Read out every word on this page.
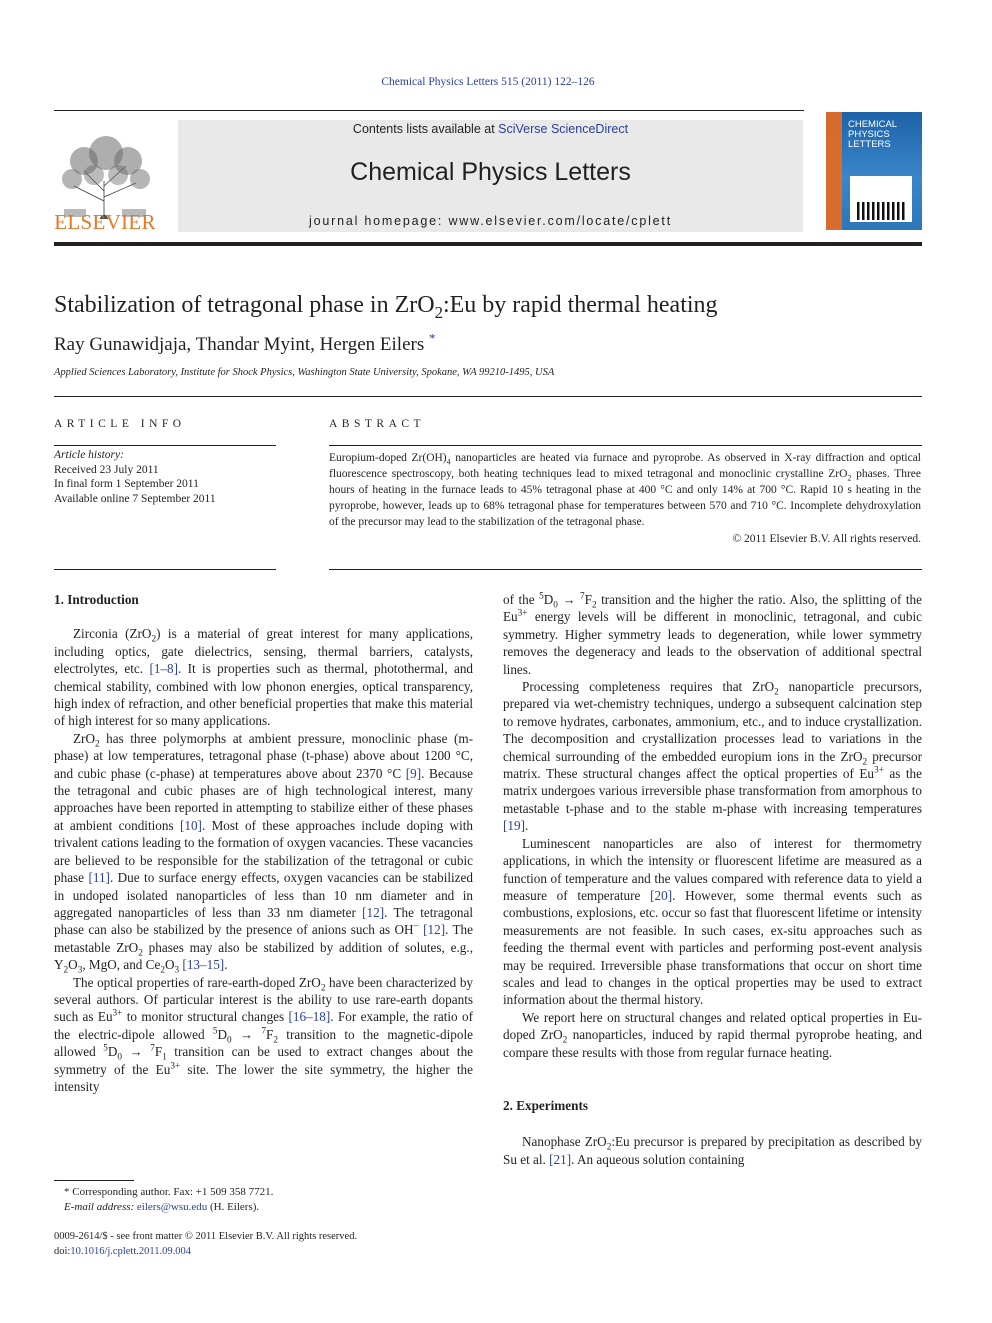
Chemical Physics Letters 515 (2011) 122–126
ELSEVIER
Contents lists available at SciVerse ScienceDirect
Chemical Physics Letters
journal homepage: www.elsevier.com/locate/cplett
CHEMICAL
PHYSICS
LETTERS
Stabilization of tetragonal phase in ZrO$_2$:Eu by rapid thermal heating
Ray Gunawidjaja, Thandar Myint, Hergen Eilers *
Applied Sciences Laboratory, Institute for Shock Physics, Washington State University, Spokane, WA 99210-1495, USA
ARTICLE INFO
Article history:
Received 23 July 2011
In final form 1 September 2011
Available online 7 September 2011
ABSTRACT
Europium-doped $Zr(OH)_4$ nanoparticles are heated via furnace and pyroprobe. As observed in X-ray diffraction and optical fluorescence spectroscopy, both heating techniques lead to mixed tetragonal and monoclinic crystalline ZrO$_2$ phases. Three hours of heating in the furnace leads to 45% tetragonal phase at 400 °C and only 14% at 700 °C. Rapid 10 s heating in the pyroprobe, however, leads up to 68% tetragonal phase for temperatures between 570 and 710 °C. Incomplete dehydroxylation of the precursor may lead to the stabilization of the tetragonal phase.
© 2011 Elsevier B.V. All rights reserved.
1. Introduction

Zirconia (ZrO$_2$) is a material of great interest for many applications, including optics, gate dielectrics, sensing, thermal barriers, catalysts, electrolytes, etc. [1–8]. It is properties such as thermal, photothermal, and chemical stability, combined with low phonon energies, optical transparency, high index of refraction, and other beneficial properties that make this material of high interest for so many applications.

ZrO$_2$ has three polymorphs at ambient pressure, monoclinic phase (m-phase) at low temperatures, tetragonal phase (t-phase) above about 1200 °C, and cubic phase (c-phase) at temperatures above about 2370 °C [9]. Because the tetragonal and cubic phases are of high technological interest, many approaches have been reported in attempting to stabilize either of these phases at ambient conditions [10]. Most of these approaches include doping with trivalent cations leading to the formation of oxygen vacancies. These vacancies are believed to be responsible for the stabilization of the tetragonal or cubic phase [11]. Due to surface energy effects, oxygen vacancies can be stabilized in undoped isolated nanoparticles of less than 10 nm diameter and in aggregated nanoparticles of less than 33 nm diameter [12]. The tetragonal phase can also be stabilized by the presence of anions such as OH− [12]. The metastable ZrO$_2$ phases may also be stabilized by addition of solutes, e.g., $Y_2O_3$, MgO, and $Ce_2O_3$ [13–15].

The optical properties of rare-earth-doped ZrO$_2$ have been characterized by several authors. Of particular interest is the ability to use rare-earth dopants such as $Eu^{3+}$ to monitor structural changes [16–18]. For example, the ratio of the electric-dipole allowed $^5D_0 \to ^7F_2$ transition to the magnetic-dipole allowed $^5D_0 \to ^7F_1$ transition can be used to extract changes about the symmetry of the $Eu^{3+}$ site. The lower the site symmetry, the higher the intensity

of the $^5D_0 \to ^7F_2$ transition and the higher the ratio. Also, the splitting of the $Eu^{3+}$ energy levels will be different in monoclinic, tetragonal, and cubic symmetry. Higher symmetry leads to degeneration, while lower symmetry removes the degeneracy and leads to the observation of additional spectral lines.

Processing completeness requires that ZrO$_2$ nanoparticle precursors, prepared via wet-chemistry techniques, undergo a subsequent calcination step to remove hydrates, carbonates, ammonium, etc., and to induce crystallization. The decomposition and crystallization processes lead to variations in the chemical surrounding of the embedded europium ions in the ZrO$_2$ precursor matrix. These structural changes affect the optical properties of $Eu^{3+}$ as the matrix undergoes various irreversible phase transformation from amorphous to metastable t-phase and to the stable m-phase with increasing temperatures [19].

Luminescent nanoparticles are also of interest for thermometry applications, in which the intensity or fluorescent lifetime are measured as a function of temperature and the values compared with reference data to yield a measure of temperature [20]. However, some thermal events such as combustions, explosions, etc. occur so fast that fluorescent lifetime or intensity measurements are not feasible. In such cases, ex-situ approaches such as feeding the thermal event with particles and performing post-event analysis may be required. Irreversible phase transformations that occur on short time scales and lead to changes in the optical properties may be used to extract information about the thermal history.

We report here on structural changes and related optical properties in Eu-doped ZrO$_2$ nanoparticles, induced by rapid thermal pyroprobe heating, and compare these results with those from regular furnace heating.

2. Experiments

Nanophase ZrO$_2$:Eu precursor is prepared by precipitation as described by Su et al. [21]. An aqueous solution containing

* Corresponding author. Fax: +1 509 358 7721.
E-mail address: eilers@wsu.edu (H. Eilers).
0009-2614/$ - see front matter © 2011 Elsevier B.V. All rights reserved.
doi:10.1016/j.cplett.2011.09.004
